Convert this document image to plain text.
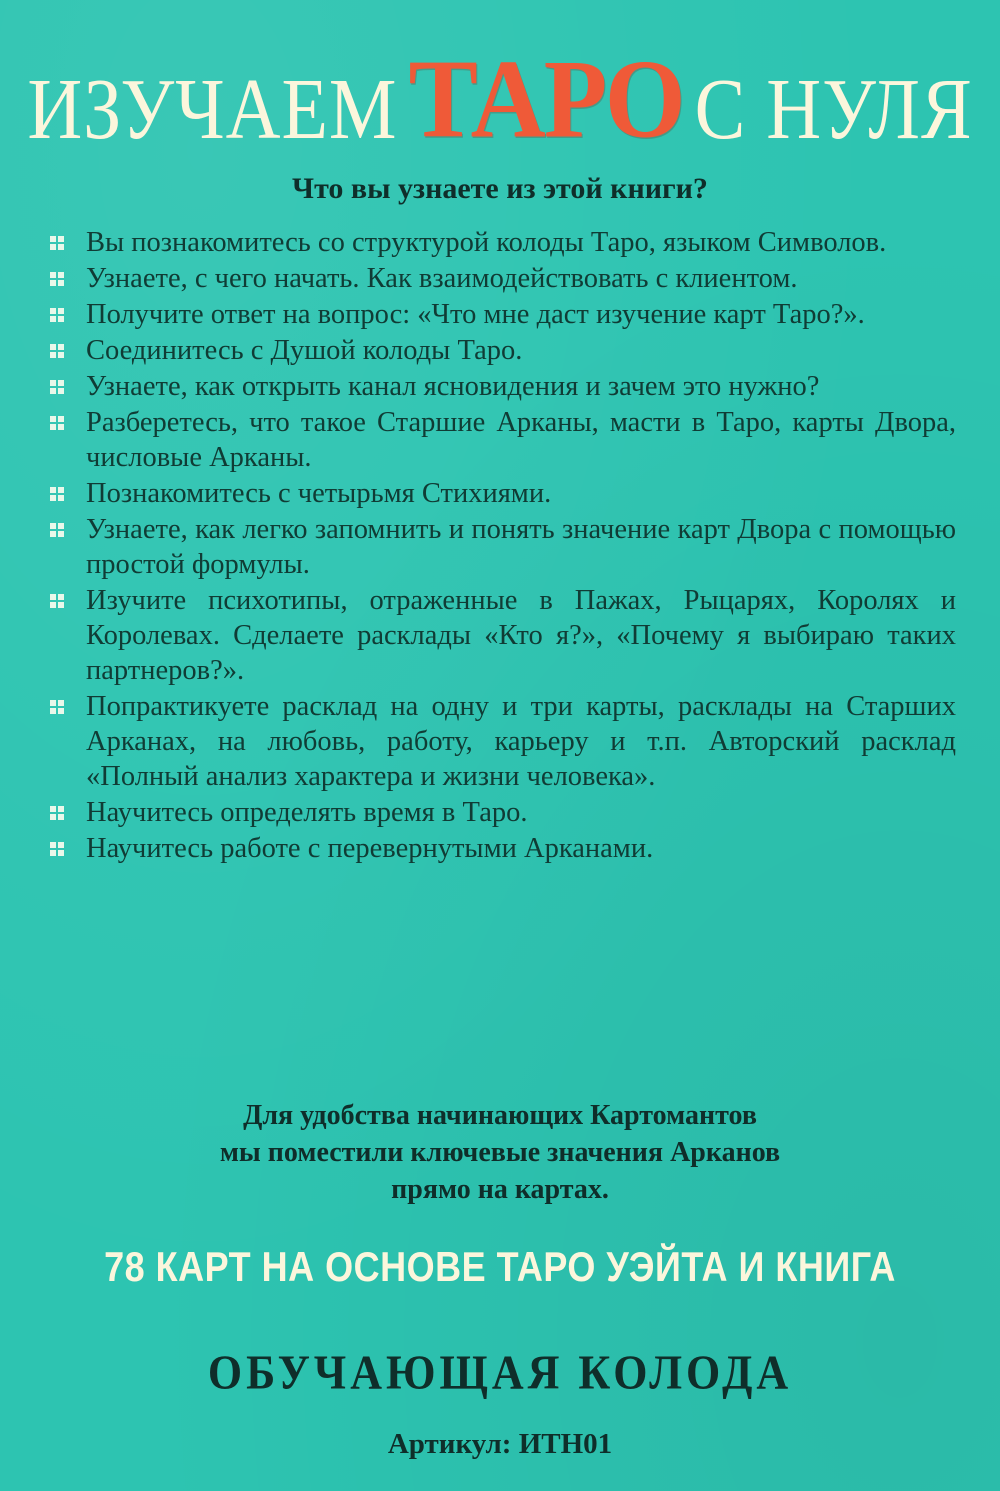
ИЗУЧАЕМ ТАРО С НУЛЯ
Что вы узнаете из этой книги?
Вы познакомитесь со структурой колоды Таро, языком Символов.
Узнаете, с чего начать. Как взаимодействовать с клиентом.
Получите ответ на вопрос: «Что мне даст изучение карт Таро?».
Соединитесь с Душой колоды Таро.
Узнаете, как открыть канал ясновидения и зачем это нужно?
Разберетесь, что такое Старшие Арканы, масти в Таро, карты Двора, числовые Арканы.
Познакомитесь с четырьмя Стихиями.
Узнаете, как легко запомнить и понять значение карт Двора с помощью простой формулы.
Изучите психотипы, отраженные в Пажах, Рыцарях, Королях и Королевах. Сделаете расклады «Кто я?», «Почему я выбираю таких партнеров?».
Попрактикуете расклад на одну и три карты, расклады на Старших Арканах, на любовь, работу, карьеру и т.п. Авторский расклад «Полный анализ характера и жизни человека».
Научитесь определять время в Таро.
Научитесь работе с перевернутыми Арканами.
Для удобства начинающих Картомантов
мы поместили ключевые значения Арканов
прямо на картах.
78 КАРТ НА ОСНОВЕ ТАРО УЭЙТА И КНИГА
ОБУЧАЮЩАЯ КОЛОДА
Артикул: ИТН01
